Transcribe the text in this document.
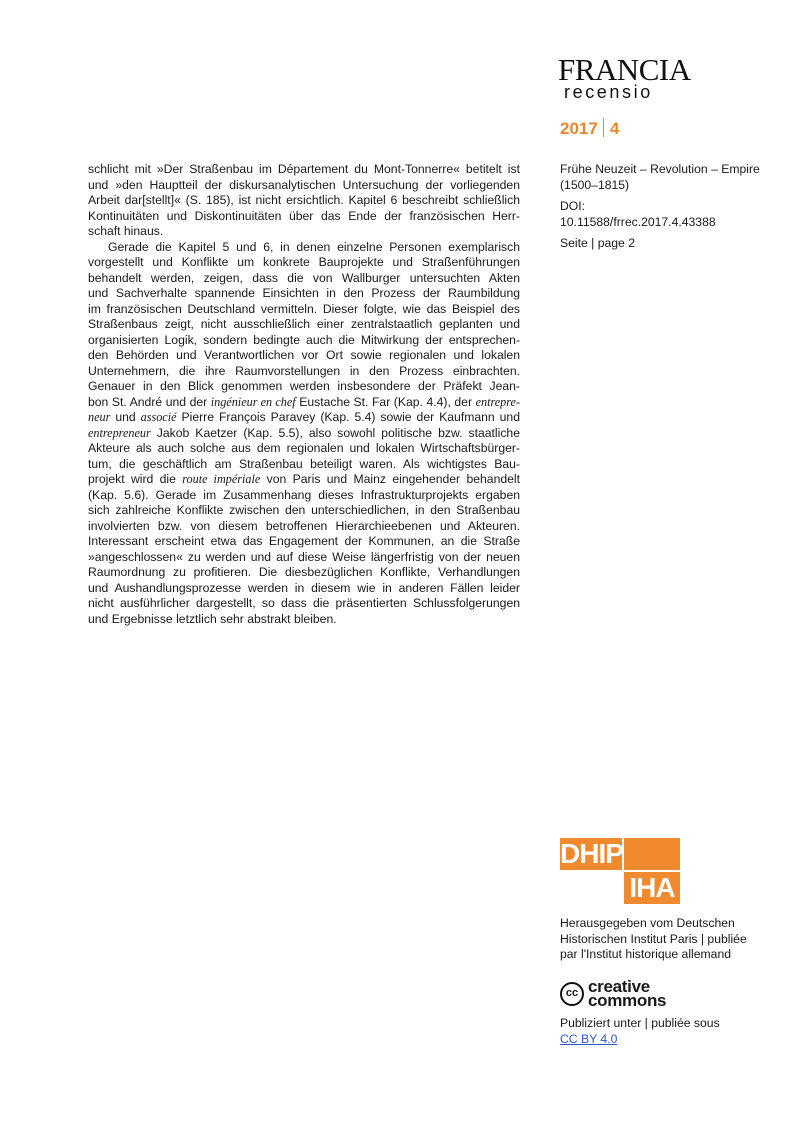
FRANCIA
recensio
2017 4
schlicht mit »Der Straßenbau im Département du Mont-Tonnerre« betitelt ist
und »den Hauptteil der diskursanalytischen Untersuchung der vorliegenden
Arbeit dar[stellt]« (S. 185), ist nicht ersichtlich. Kapitel 6 beschreibt schließlich
Kontinuitäten und Diskontinuitäten über das Ende der französischen Herr-
schaft hinaus.
Gerade die Kapitel 5 und 6, in denen einzelne Personen exemplarisch
vorgestellt und Konflikte um konkrete Bauprojekte und Straßenführungen
behandelt werden, zeigen, dass die von Wallburger untersuchten Akten
und Sachverhalte spannende Einsichten in den Prozess der Raumbildung
im französischen Deutschland vermitteln. Dieser folgte, wie das Beispiel des
Straßenbaus zeigt, nicht ausschließlich einer zentralstaatlich geplanten und
organisierten Logik, sondern bedingte auch die Mitwirkung der entsprechen-
den Behörden und Verantwortlichen vor Ort sowie regionalen und lokalen
Unternehmern, die ihre Raumvorstellungen in den Prozess einbrachten.
Genauer in den Blick genommen werden insbesondere der Präfekt Jean-
bon St. André und der ingénieur en chef Eustache St. Far (Kap. 4.4), der entrepre-
neur und associé Pierre François Paravey (Kap. 5.4) sowie der Kaufmann und
entrepreneur Jakob Kaetzer (Kap. 5.5), also sowohl politische bzw. staatliche
Akteure als auch solche aus dem regionalen und lokalen Wirtschaftsbürger-
tum, die geschäftlich am Straßenbau beteiligt waren. Als wichtigstes Bau-
projekt wird die route impériale von Paris und Mainz eingehender behandelt
(Kap. 5.6). Gerade im Zusammenhang dieses Infrastrukturprojekts ergaben
sich zahlreiche Konflikte zwischen den unterschiedlichen, in den Straßenbau
involvierten bzw. von diesem betroffenen Hierarchieebenen und Akteuren.
Interessant erscheint etwa das Engagement der Kommunen, an die Straße
»angeschlossen« zu werden und auf diese Weise längerfristig von der neuen
Raumordnung zu profitieren. Die diesbezüglichen Konflikte, Verhandlungen
und Aushandlungsprozesse werden in diesem wie in anderen Fällen leider
nicht ausführlicher dargestellt, so dass die präsentierten Schlussfolgerungen
und Ergebnisse letztlich sehr abstrakt bleiben.
Frühe Neuzeit – Revolution – Empire
(1500–1815)
DOI:
10.11588/frrec.2017.4.43388
Seite | page 2
DHIP
IHA
Herausgegeben vom Deutschen
Historischen Institut Paris | publiée
par l'Institut historique allemand
cc creative
commons
Publiziert unter | publiée sous
CC BY 4.0
